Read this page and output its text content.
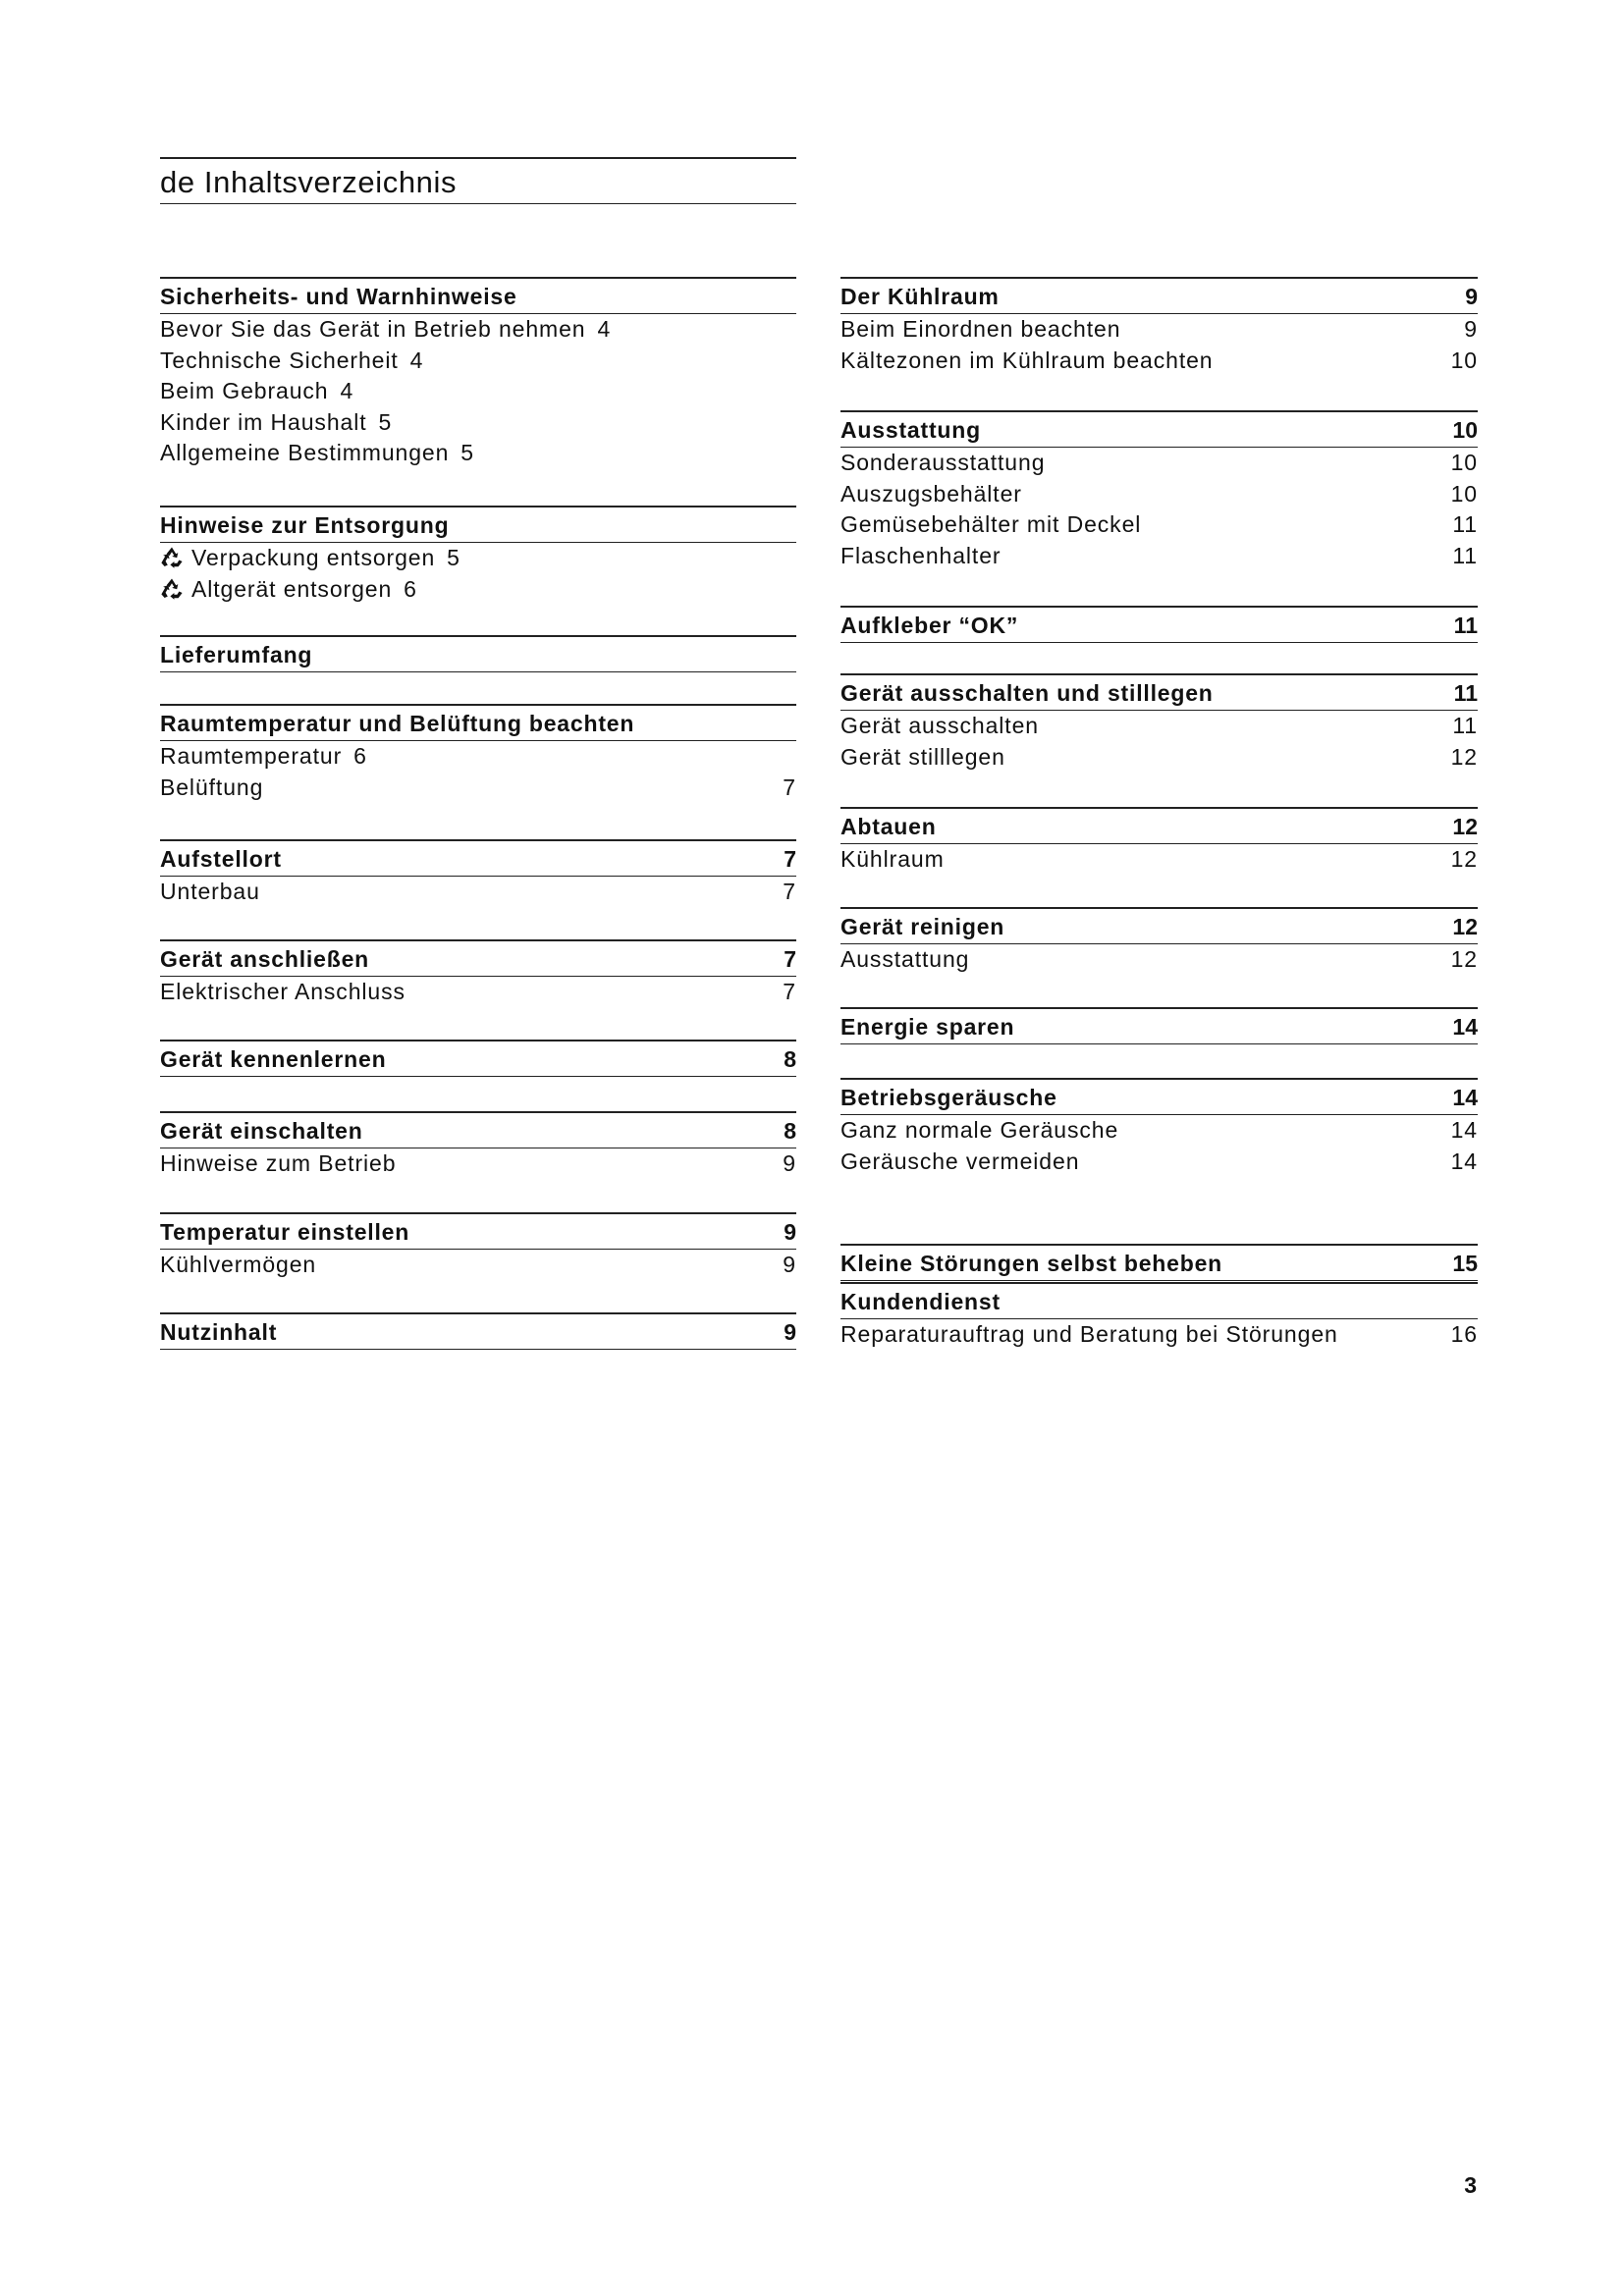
de Inhaltsverzeichnis
Sicherheits- und Warnhinweise
Bevor Sie das Gerät in Betrieb nehmen 4
Technische Sicherheit 4
Beim Gebrauch 4
Kinder im Haushalt 5
Allgemeine Bestimmungen 5
Hinweise zur Entsorgung
Verpackung entsorgen 5
Altgerät entsorgen 6
Lieferumfang
Raumtemperatur und Belüftung beachten
Raumtemperatur 6
Belüftung	7
Aufstellort	7
Unterbau	7
Gerät anschließen	7
Elektrischer Anschluss	7
Gerät kennenlernen	8
Gerät einschalten	8
Hinweise zum Betrieb	9
Temperatur einstellen	9
Kühlvermögen	9
Nutzinhalt	9
Der Kühlraum	9
Beim Einordnen beachten	9
Kältezonen im Kühlraum beachten	10
Ausstattung	10
Sonderausstattung	10
Auszugsbehälter	10
Gemüsebehälter mit Deckel	11
Flaschenhalter	11
Aufkleber “OK”	11
Gerät ausschalten und stilllegen	11
Gerät ausschalten	11
Gerät stilllegen	12
Abtauen	12
Kühlraum	12
Gerät reinigen	12
Ausstattung	12
Energie sparen	14
Betriebsgeräusche	14
Ganz normale Geräusche	14
Geräusche vermeiden	14
Kleine Störungen selbst beheben	15
Kundendienst
Reparaturauftrag und Beratung bei Störungen	16
3
